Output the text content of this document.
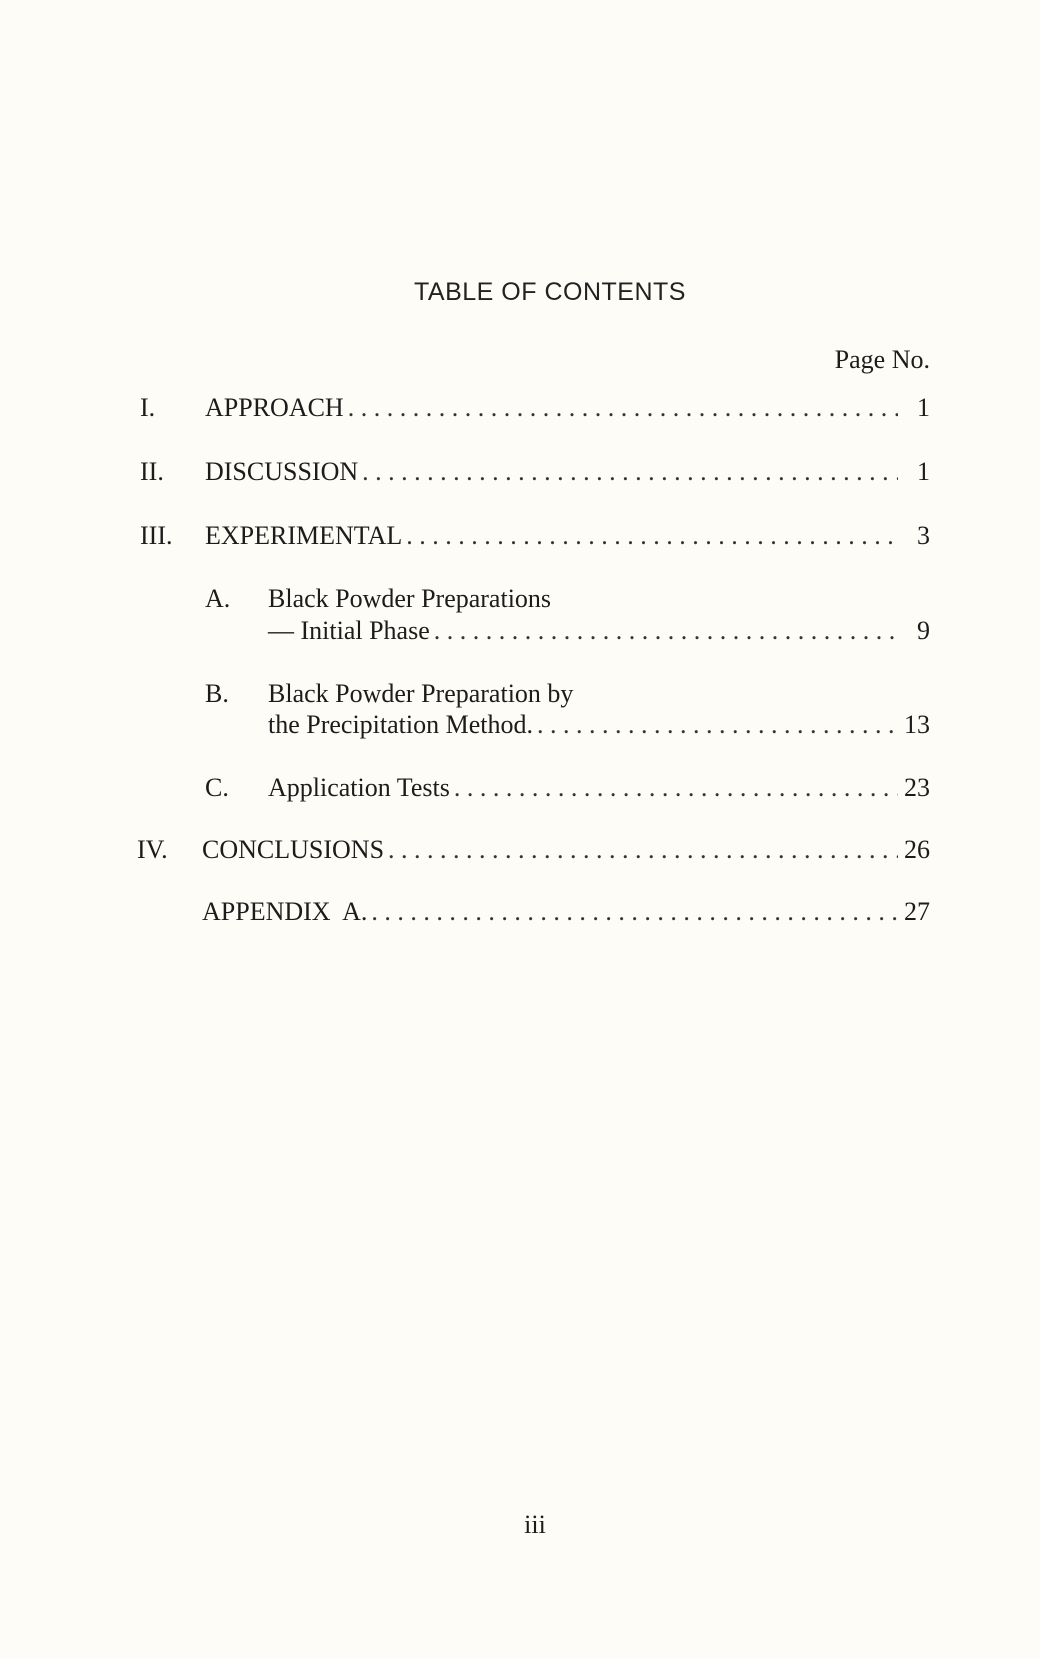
TABLE OF CONTENTS
Page No.
I. APPROACH . . .	1
II. DISCUSSION . . .	1
III. EXPERIMENTAL . . .	3
A. Black Powder Preparations
— Initial Phase . . .	9
B. Black Powder Preparation by
the Precipitation Method. . . .	13
C. Application Tests . . .	23
IV. CONCLUSIONS . . .	26
APPENDIX  A. . . .	27
iii
